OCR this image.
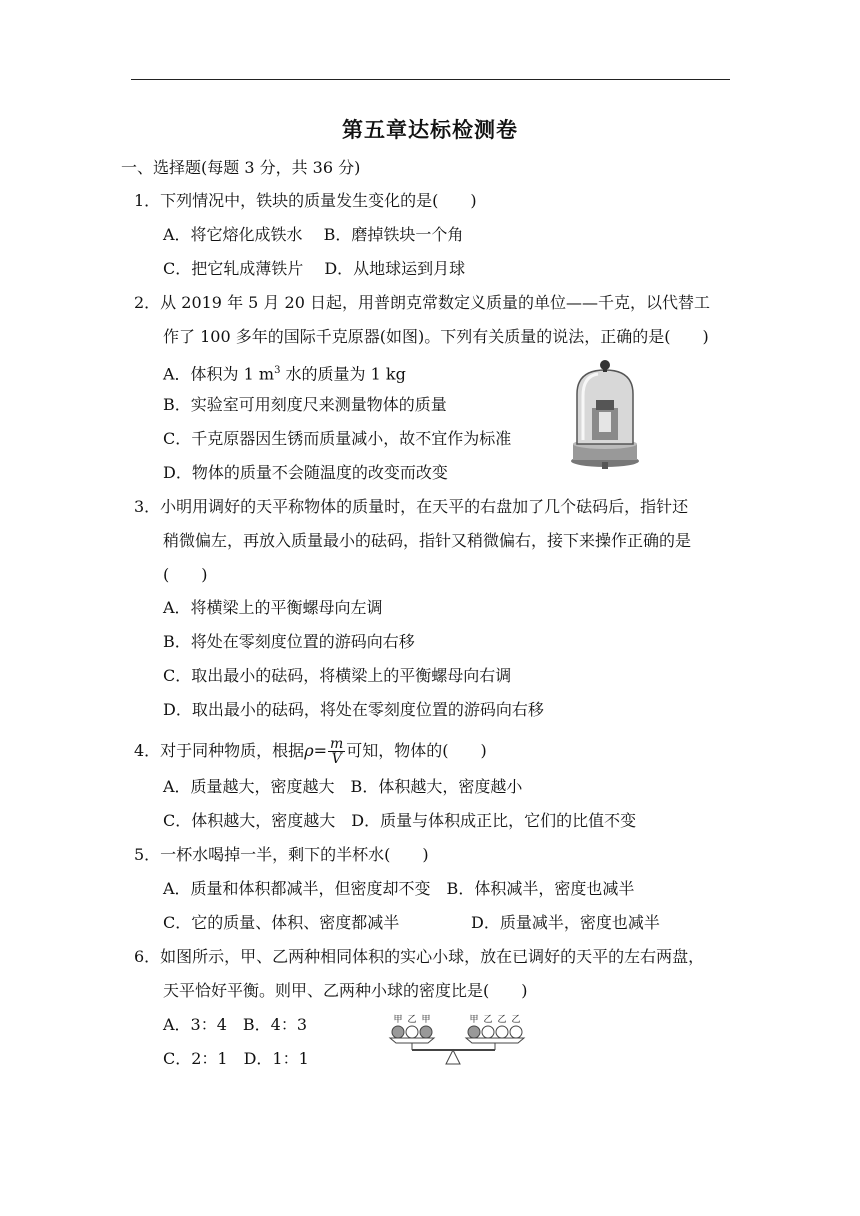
第五章达标检测卷
一、选择题(每题 3 分，共 36 分)
1．下列情况中，铁块的质量发生变化的是(　　)
A．将它熔化成铁水　 B．磨掉铁块一个角
C．把它轧成薄铁片　 D．从地球运到月球
2．从 2019 年 5 月 20 日起，用普朗克常数定义质量的单位——千克，以代替工
作了 100 多年的国际千克原器(如图)。下列有关质量的说法，正确的是(　　)
A．体积为 1 $m^3$ 水的质量为 1 kg
B．实验室可用刻度尺来测量物体的质量
C．千克原器因生锈而质量减小，故不宜作为标准
D．物体的质量不会随温度的改变而改变
3．小明用调好的天平称物体的质量时，在天平的右盘加了几个砝码后，指针还
稍微偏左，再放入质量最小的砝码，指针又稍微偏右，接下来操作正确的是
(　　)
A．将横梁上的平衡螺母向左调
B．将处在零刻度位置的游码向右移
C．取出最小的砝码，将横梁上的平衡螺母向右调
D．取出最小的砝码，将处在零刻度位置的游码向右移
4．对于同种物质，根据$\rho= \frac{m}{V}$ 可知，物体的(　　)
A．质量越大，密度越大　B．体积越大，密度越小
C．体积越大，密度越大　D．质量与体积成正比，它们的比值不变
5．一杯水喝掉一半，剩下的半杯水(　　)
A．质量和体积都减半，但密度却不变　B．体积减半，密度也减半
C．它的质量、体积、密度都减半	D．质量减半，密度也减半
6．如图所示，甲、乙两种相同体积的实心小球，放在已调好的天平的左右两盘，
天平恰好平衡。则甲、乙两种小球的密度比是(　　)
A．3：4　B．4：3
C．2：1　D．1：1
甲 乙 甲	甲 乙 乙 乙
